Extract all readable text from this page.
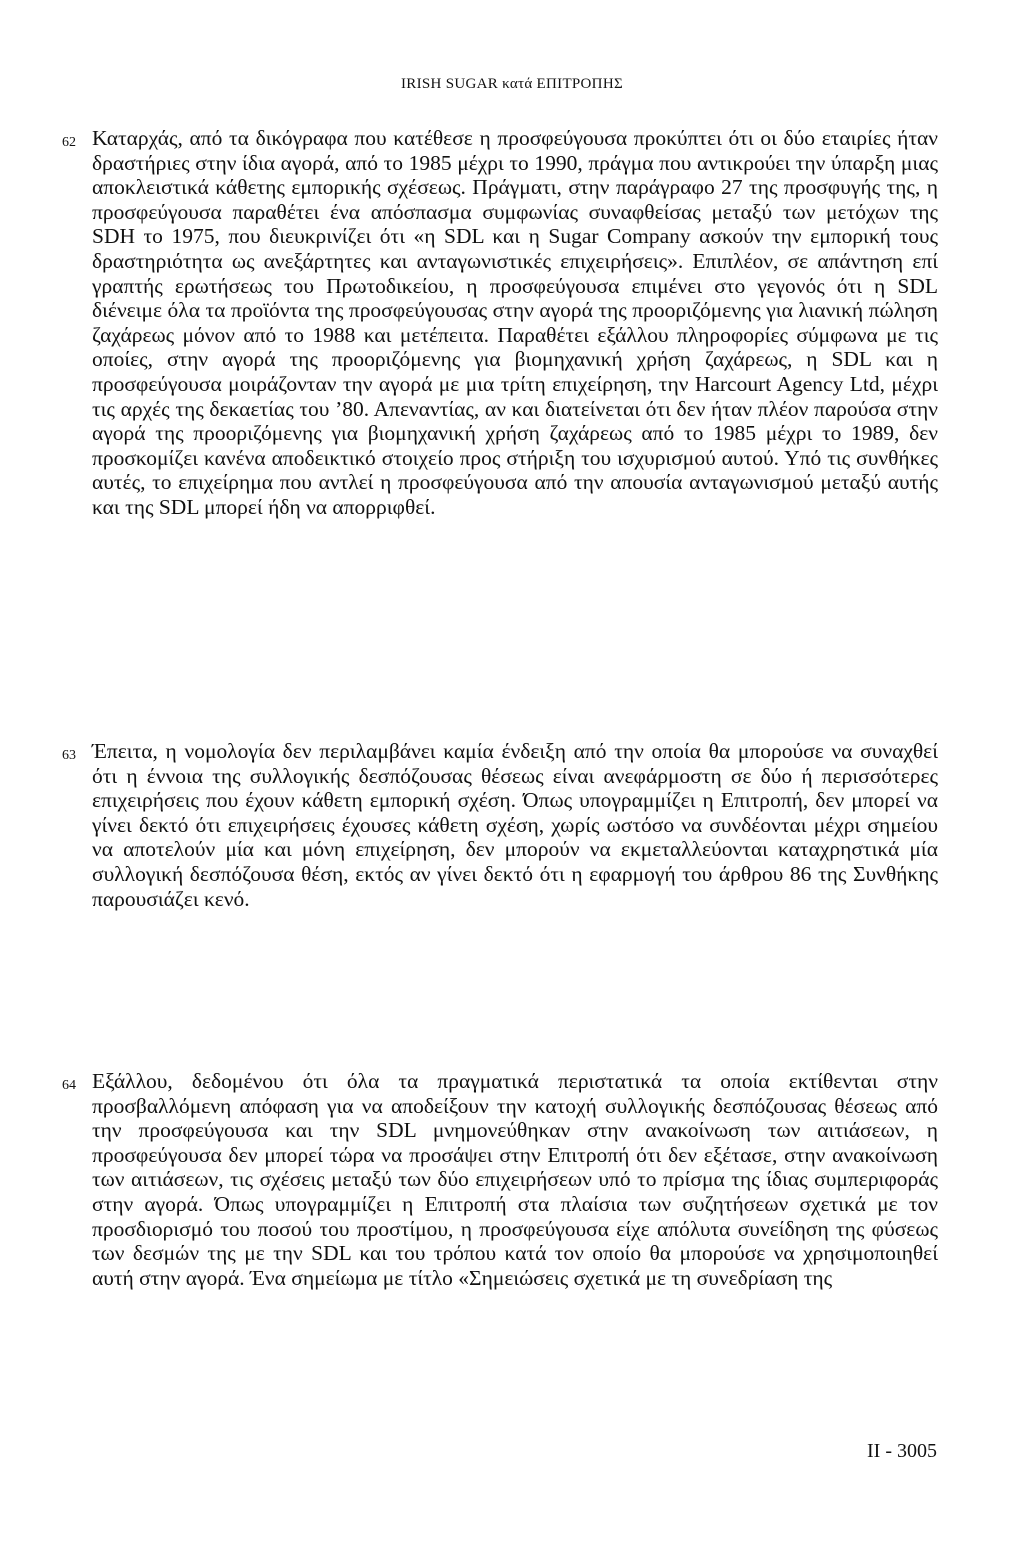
IRISH SUGAR κατά ΕΠΙΤΡΟΠΗΣ
62 Καταρχάς, από τα δικόγραφα που κατέθεσε η προσφεύγουσα προκύπτει ότι οι δύο εταιρίες ήταν δραστήριες στην ίδια αγορά, από το 1985 μέχρι το 1990, πράγμα που αντικρούει την ύπαρξη μιας αποκλειστικά κάθετης εμπορικής σχέσεως. Πράγματι, στην παράγραφο 27 της προσφυγής της, η προσφεύγουσα παραθέτει ένα απόσπασμα συμφωνίας συναφθείσας μεταξύ των μετόχων της SDH το 1975, που διευκρινίζει ότι «η SDL και η Sugar Company ασκούν την εμπορική τους δραστηριότητα ως ανεξάρτητες και ανταγωνιστικές επιχειρήσεις». Επιπλέον, σε απάντηση επί γραπτής ερωτήσεως του Πρωτοδικείου, η προσφεύγουσα επιμένει στο γεγονός ότι η SDL διένειμε όλα τα προϊόντα της προσφεύγουσας στην αγορά της προοριζόμενης για λιανική πώληση ζαχάρεως μόνον από το 1988 και μετέπειτα. Παραθέτει εξάλλου πληροφορίες σύμφωνα με τις οποίες, στην αγορά της προοριζόμενης για βιομηχανική χρήση ζαχάρεως, η SDL και η προσφεύγουσα μοιράζονταν την αγορά με μια τρίτη επιχείρηση, την Harcourt Agency Ltd, μέχρι τις αρχές της δεκαετίας του ’80. Απεναντίας, αν και διατείνεται ότι δεν ήταν πλέον παρούσα στην αγορά της προοριζόμενης για βιομηχανική χρήση ζαχάρεως από το 1985 μέχρι το 1989, δεν προσκομίζει κανένα αποδεικτικό στοιχείο προς στήριξη του ισχυρισμού αυτού. Υπό τις συνθήκες αυτές, το επιχείρημα που αντλεί η προσφεύγουσα από την απουσία ανταγωνισμού μεταξύ αυτής και της SDL μπορεί ήδη να απορριφθεί.
63 Έπειτα, η νομολογία δεν περιλαμβάνει καμία ένδειξη από την οποία θα μπορούσε να συναχθεί ότι η έννοια της συλλογικής δεσπόζουσας θέσεως είναι ανεφάρμοστη σε δύο ή περισσότερες επιχειρήσεις που έχουν κάθετη εμπορική σχέση. Όπως υπογραμμίζει η Επιτροπή, δεν μπορεί να γίνει δεκτό ότι επιχειρήσεις έχουσες κάθετη σχέση, χωρίς ωστόσο να συνδέονται μέχρι σημείου να αποτελούν μία και μόνη επιχείρηση, δεν μπορούν να εκμεταλλεύονται καταχρηστικά μία συλλογική δεσπόζουσα θέση, εκτός αν γίνει δεκτό ότι η εφαρμογή του άρθρου 86 της Συνθήκης παρουσιάζει κενό.
64 Εξάλλου, δεδομένου ότι όλα τα πραγματικά περιστατικά τα οποία εκτίθενται στην προσβαλλόμενη απόφαση για να αποδείξουν την κατοχή συλλογικής δεσπόζουσας θέσεως από την προσφεύγουσα και την SDL μνημονεύθηκαν στην ανακοίνωση των αιτιάσεων, η προσφεύγουσα δεν μπορεί τώρα να προσάψει στην Επιτροπή ότι δεν εξέτασε, στην ανακοίνωση των αιτιάσεων, τις σχέσεις μεταξύ των δύο επιχειρήσεων υπό το πρίσμα της ίδιας συμπεριφοράς στην αγορά. Όπως υπογραμμίζει η Επιτροπή στα πλαίσια των συζητήσεων σχετικά με τον προσδιορισμό του ποσού του προστίμου, η προσφεύγουσα είχε απόλυτα συνείδηση της φύσεως των δεσμών της με την SDL και του τρόπου κατά τον οποίο θα μπορούσε να χρησιμοποιηθεί αυτή στην αγορά. Ένα σημείωμα με τίτλο «Σημειώσεις σχετικά με τη συνεδρίαση της
II - 3005
